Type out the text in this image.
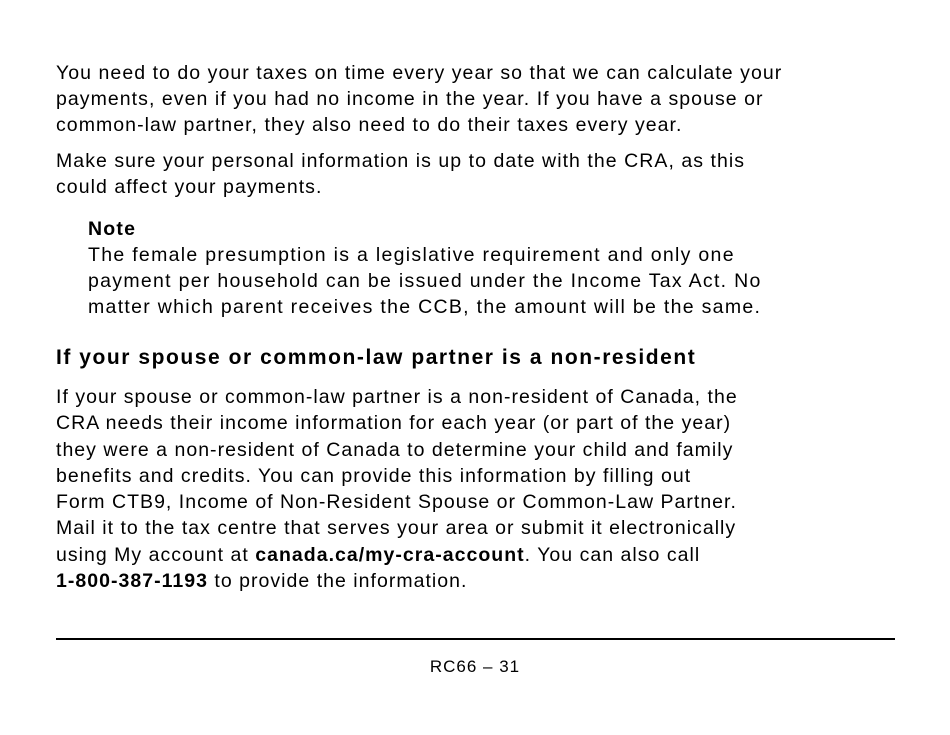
You need to do your taxes on time every year so that we can calculate your
payments, even if you had no income in the year. If you have a spouse or
common-law partner, they also need to do their taxes every year.

Make sure your personal information is up to date with the CRA, as this
could affect your payments.

Note
The female presumption is a legislative requirement and only one
payment per household can be issued under the Income Tax Act. No
matter which parent receives the CCB, the amount will be the same.
If your spouse or common-law partner is a non-resident
If your spouse or common-law partner is a non-resident of Canada, the
CRA needs their income information for each year (or part of the year)
they were a non-resident of Canada to determine your child and family
benefits and credits. You can provide this information by filling out
Form CTB9, Income of Non-Resident Spouse or Common-Law Partner.
Mail it to the tax centre that serves your area or submit it electronically
using My account at canada.ca/my-cra-account. You can also call
1-800-387-1193 to provide the information.
RC66 – 31
